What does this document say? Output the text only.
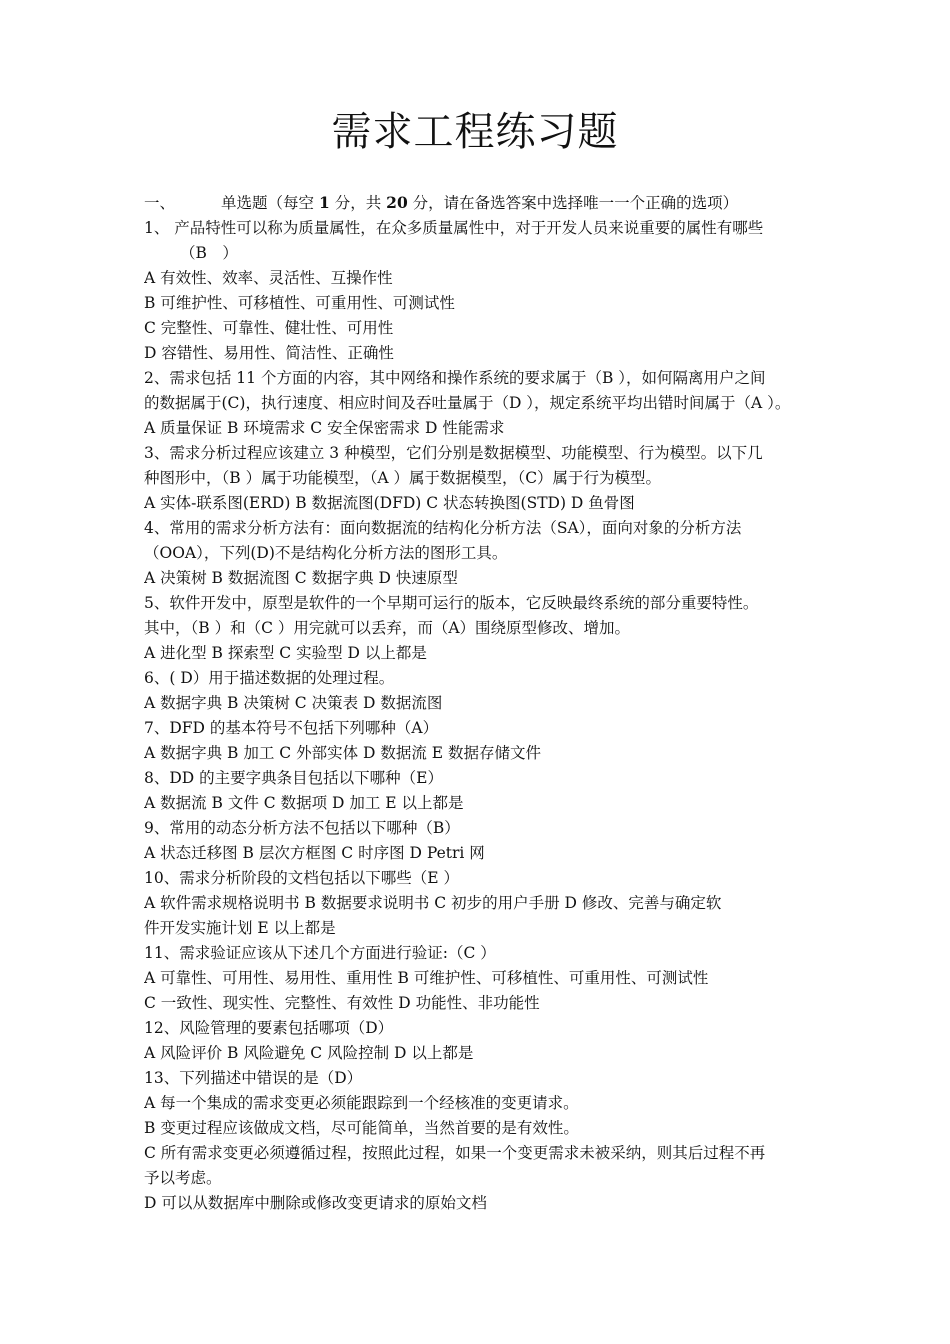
需求工程练习题
一、	单选题（每空 1 分，共 20 分，请在备选答案中选择唯一一个正确的选项）
1、 产品特性可以称为质量属性，在众多质量属性中，对于开发人员来说重要的属性有哪些
（B　）
A 有效性、效率、灵活性、互操作性
B 可维护性、可移植性、可重用性、可测试性
C 完整性、可靠性、健壮性、可用性
D 容错性、易用性、简洁性、正确性
2、需求包括 11 个方面的内容，其中网络和操作系统的要求属于（B ），如何隔离用户之间
的数据属于(C)，执行速度、相应时间及吞吐量属于（D ），规定系统平均出错时间属于（A ）。
A 质量保证 B 环境需求 C 安全保密需求 D 性能需求
3、需求分析过程应该建立 3 种模型，它们分别是数据模型、功能模型、行为模型。以下几
种图形中，（B ）属于功能模型，（A ）属于数据模型，（C）属于行为模型。
A 实体-联系图(ERD) B 数据流图(DFD) C 状态转换图(STD) D 鱼骨图
4、常用的需求分析方法有：面向数据流的结构化分析方法（SA），面向对象的分析方法
（OOA），下列(D)不是结构化分析方法的图形工具。
A 决策树 B 数据流图 C 数据字典 D 快速原型
5、软件开发中，原型是软件的一个早期可运行的版本，它反映最终系统的部分重要特性。
其中，（B ）和（C ）用完就可以丢弃，而（A）围绕原型修改、增加。
A 进化型 B 探索型 C 实验型 D 以上都是
6、( D）用于描述数据的处理过程。
A 数据字典 B 决策树 C 决策表 D 数据流图
7、DFD 的基本符号不包括下列哪种（A）
A 数据字典 B 加工 C 外部实体 D 数据流 E 数据存储文件
8、DD 的主要字典条目包括以下哪种（E）
A 数据流 B 文件 C 数据项 D 加工 E 以上都是
9、常用的动态分析方法不包括以下哪种（B）
A 状态迁移图 B 层次方框图 C 时序图 D Petri 网
10、需求分析阶段的文档包括以下哪些（E ）
A 软件需求规格说明书 B 数据要求说明书 C 初步的用户手册 D 修改、完善与确定软
件开发实施计划 E 以上都是
11、需求验证应该从下述几个方面进行验证:（C ）
A 可靠性、可用性、易用性、重用性 B 可维护性、可移植性、可重用性、可测试性
C 一致性、现实性、完整性、有效性 D 功能性、非功能性
12、风险管理的要素包括哪项（D）
A 风险评价 B 风险避免 C 风险控制 D 以上都是
13、下列描述中错误的是（D）
A 每一个集成的需求变更必须能跟踪到一个经核准的变更请求。
B 变更过程应该做成文档，尽可能简单，当然首要的是有效性。
C 所有需求变更必须遵循过程，按照此过程，如果一个变更需求未被采纳，则其后过程不再
予以考虑。
D 可以从数据库中删除或修改变更请求的原始文档
